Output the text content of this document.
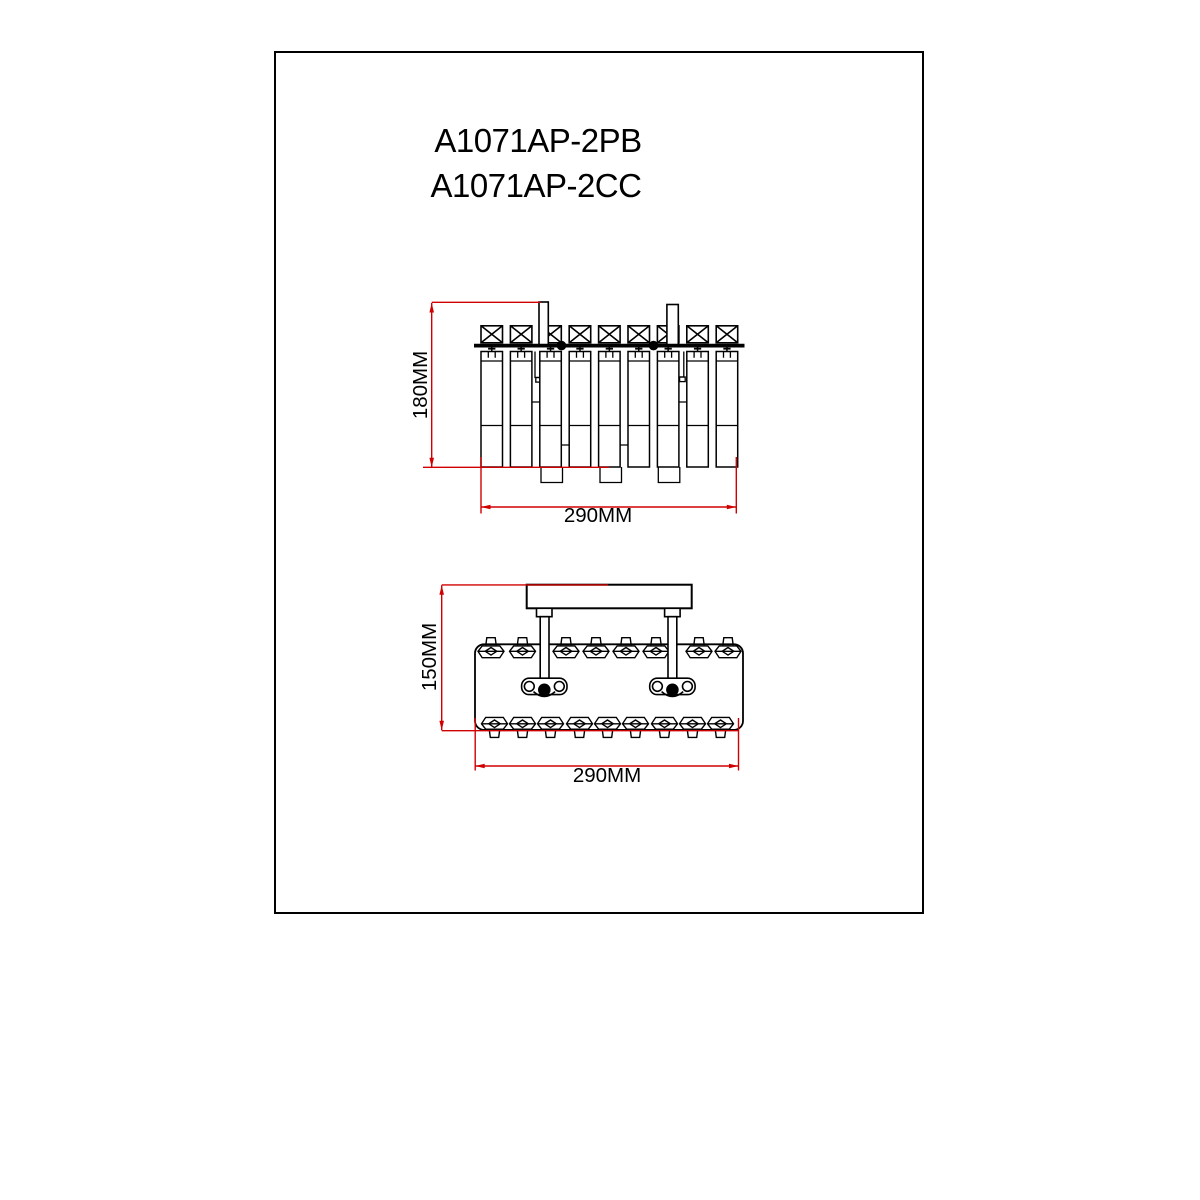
A1071AP-2PB
A1071AP-2CC
180MM
290MM
150MM
290MM
